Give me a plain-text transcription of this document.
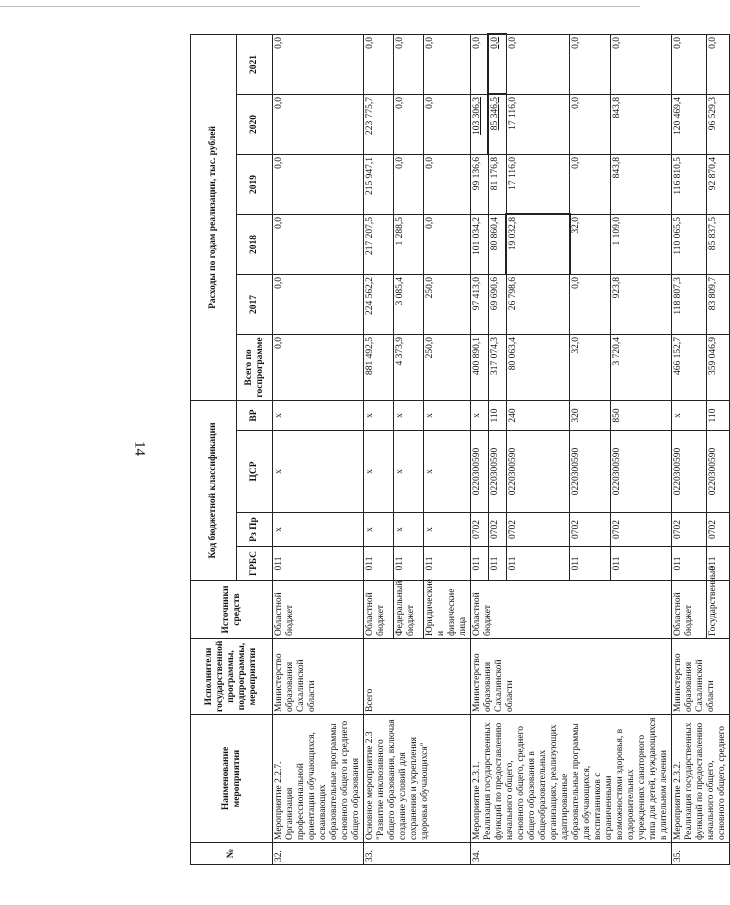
14
№	Наименование мероприятия	Исполнители государственной программы, подпрограммы, мероприятия	Источники средств	Код бюджетной классификации				Расходы по годам реализации, тыс. рублей					
				ГРБС	Рз Пр	ЦСР	ВР	Всего по госпрограмме	2017	2018	2019	2020	2021
32.	Мероприятие 2.2.7. Организация профессиональной ориентации обучающихся, осваивающих образовательные программы основного общего и среднего общего образования	Министерство образования Сахалинской области	Областной бюджет	011	х	х	х	0,0	0,0	0,0	0,0	0,0	0,0
33.	Основное мероприятие 2.3 "Развитие инклюзивного общего образования, включая создание условий для сохранения и укрепления здоровья обучающихся"	Всего	Областной бюджет	011	х	х	х	881 492,5	224 562,2	217 207,5	215 947,1	223 775,7	0,0
			Федеральный бюджет	011	х	х	х	4 373,9	3 085,4	1 288,5	0,0	0,0	0,0
			Юридические и физические лица	011	х	х	х	250,0	250,0	0,0	0,0	0,0	0,0
34.	Мероприятие 2.3.1. Реализация государственных функций по предоставлению начального общего, основного общего, среднего общего образования в общеобразовательных организациях, реализующих адаптированные образовательные программы для обучающихся, воспитанников с ограниченными возможностями здоровья, в оздоровительных учреждениях санаторного типа для детей, нуждающихся в длительном лечении	Министерство образования Сахалинской области	Областной бюджет	011	0702	0220300590	х	400 890,1	97 413,0	101 034,2	99 136,6	103 306,3	0,0
				011	0702	0220300590	110	317 074,3	69 690,6	80 860,4	81 176,8	85 346,5	0,0
				011	0702	0220300590	240	80 063,4	26 798,6	19 032,8	17 116,0	17 116,0	0,0
				011	0702	0220300590	320	32,0	0,0	32,0	0,0	0,0	0,0
				011	0702	0220300590	850	3 720,4	923,8	1 109,0	843,8	843,8	0,0
35.	Мероприятие 2.3.2. Реализация государственных функций по предоставлению начального общего, основного общего, среднего	Министерство образования Сахалинской области	Областной бюджет	011	0702	0220300590	х	466 152,7	118 807,3	110 065,5	116 810,5	120 469,4	0,0
			Государственные	011	0702	0220300590	110	359 046,9	83 809,7	85 837,5	92 870,4	96 529,3	0,0
